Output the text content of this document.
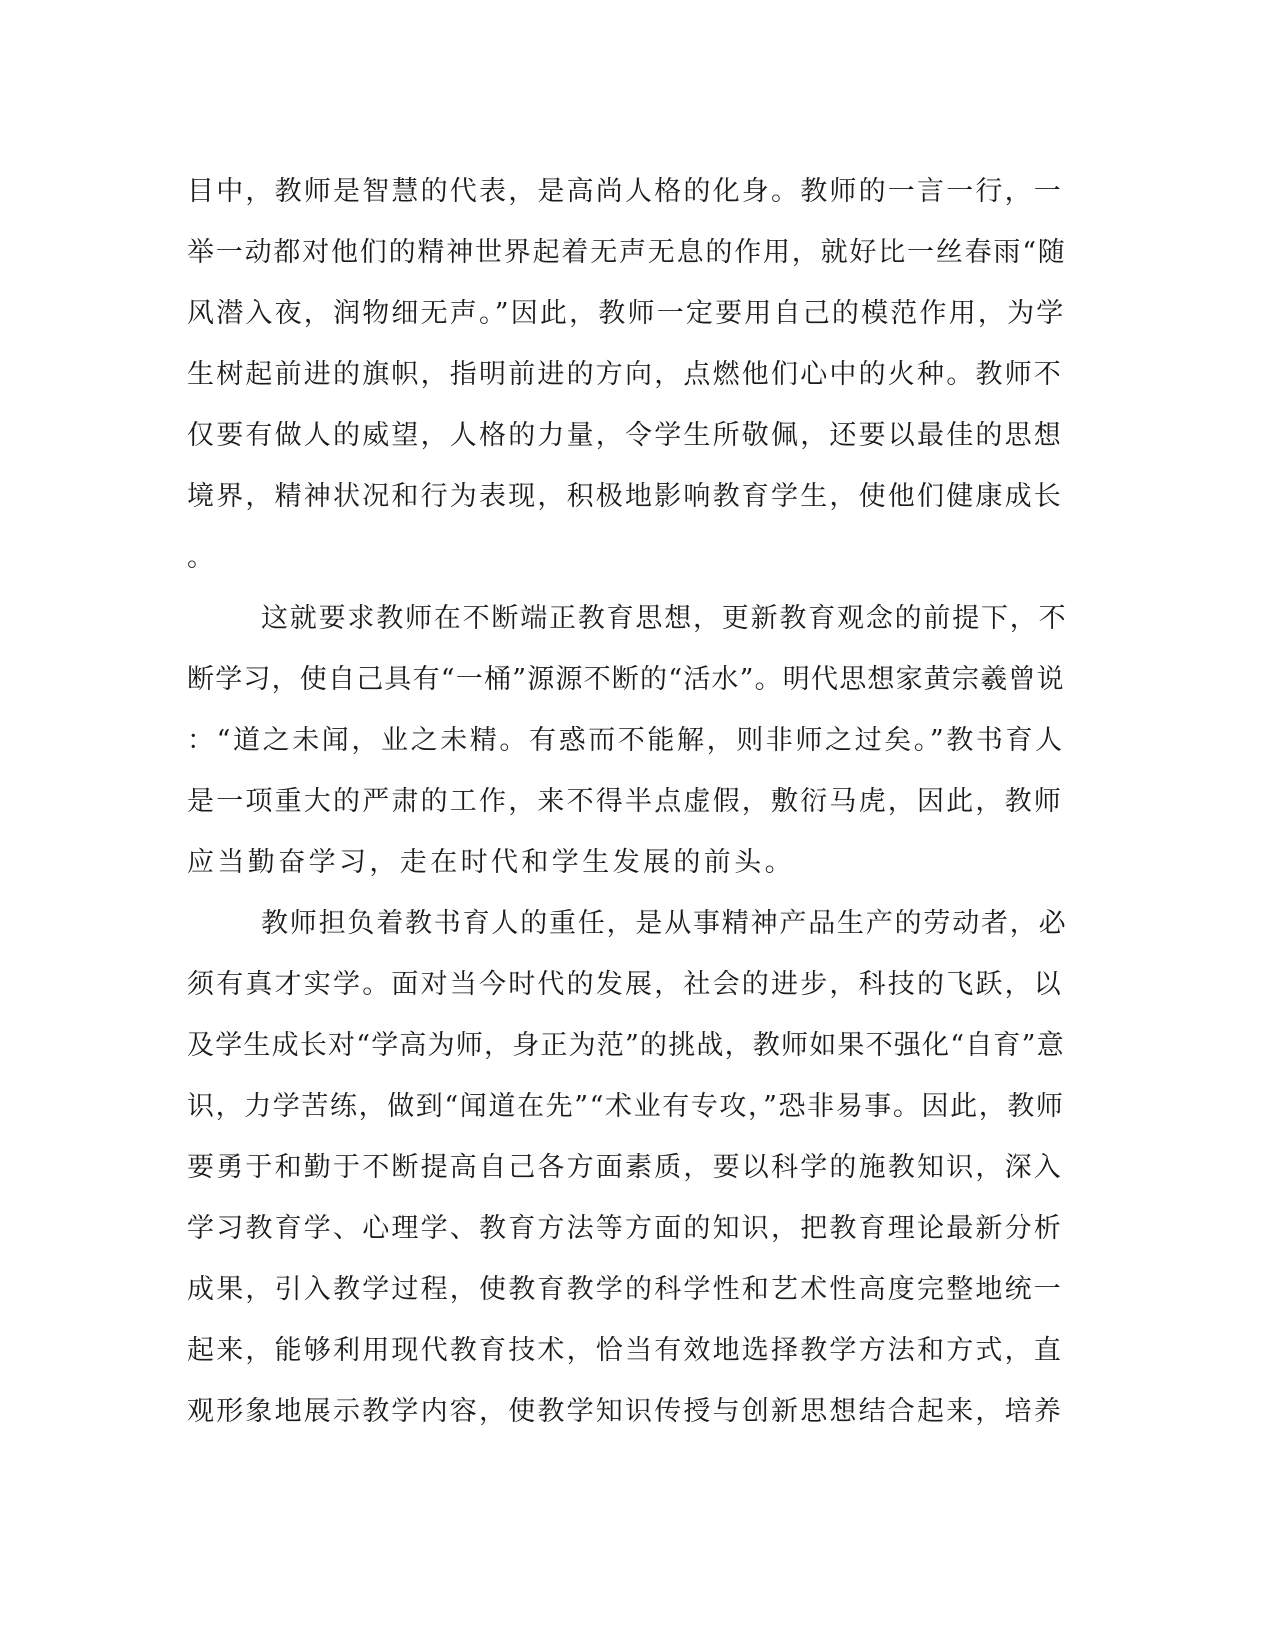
目中，教师是智慧的代表，是高尚人格的化身。教师的一言一行，一
举一动都对他们的精神世界起着无声无息的作用，就好比一丝春雨“随
风潜入夜，润物细无声。”因此，教师一定要用自己的模范作用，为学
生树起前进的旗帜，指明前进的方向，点燃他们心中的火种。教师不
仅要有做人的威望，人格的力量，令学生所敬佩，还要以最佳的思想
境界，精神状况和行为表现，积极地影响教育学生，使他们健康成长
。
这就要求教师在不断端正教育思想，更新教育观念的前提下，不
断学习，使自己具有“一桶”源源不断的“活水”。明代思想家黄宗羲曾说
：“道之未闻，业之未精。有惑而不能解，则非师之过矣。”教书育人
是一项重大的严肃的工作，来不得半点虚假，敷衍马虎，因此，教师
应当勤奋学习，走在时代和学生发展的前头。
教师担负着教书育人的重任，是从事精神产品生产的劳动者，必
须有真才实学。面对当今时代的发展，社会的进步，科技的飞跃，以
及学生成长对“学高为师，身正为范”的挑战，教师如果不强化“自育”意
识，力学苦练，做到“闻道在先”“术业有专攻，”恐非易事。因此，教师
要勇于和勤于不断提高自己各方面素质，要以科学的施教知识，深入
学习教育学、心理学、教育方法等方面的知识，把教育理论最新分析
成果，引入教学过程，使教育教学的科学性和艺术性高度完整地统一
起来，能够利用现代教育技术，恰当有效地选择教学方法和方式，直
观形象地展示教学内容，使教学知识传授与创新思想结合起来，培养
